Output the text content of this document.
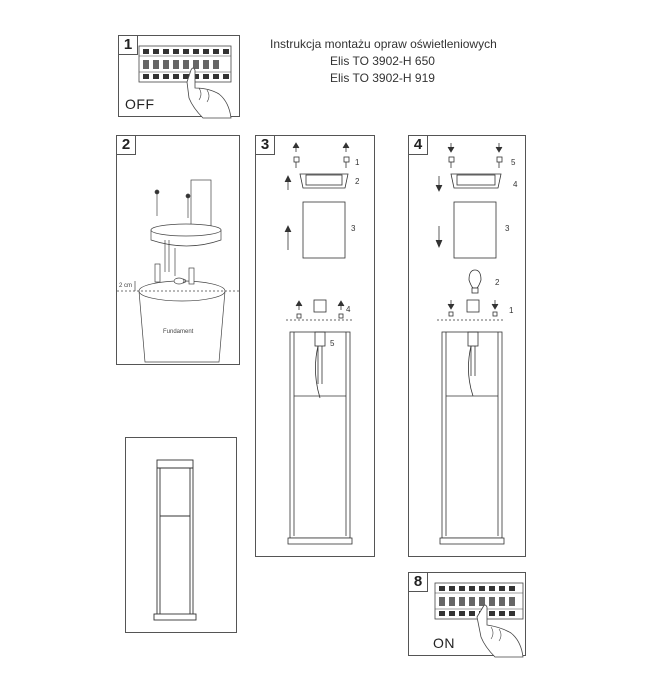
Instrukcja montażu opraw oświetleniowych
Elis TO 3902-H 650
Elis TO 3902-H 919
1
OFF
2
2 cm
Fundament
3
1
2
3
4
5
4
5
4
3
2
1
8
ON
